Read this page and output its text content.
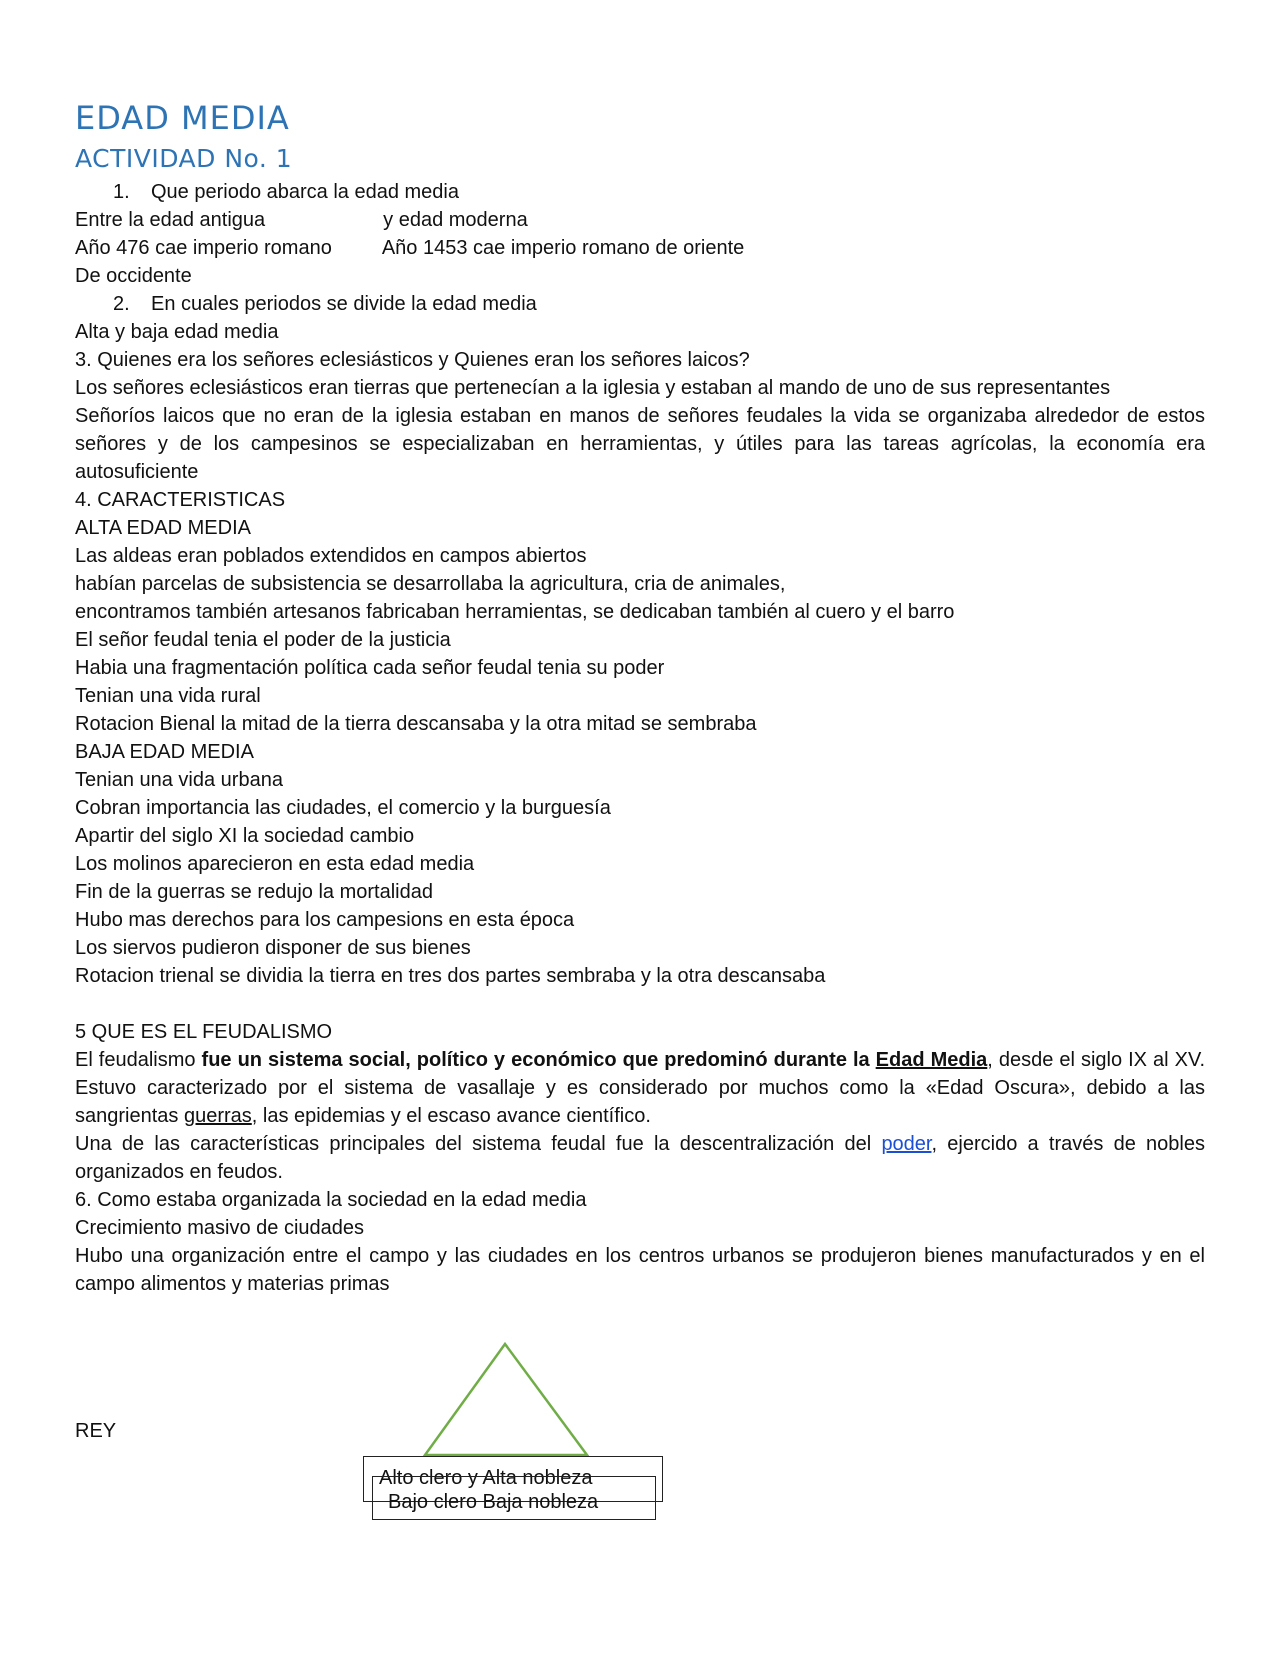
EDAD MEDIA
ACTIVIDAD No. 1

1. Que periodo abarca la edad media

Entre la edad antigua	y edad moderna

Año 476 cae imperio romano	Año 1453 cae imperio romano de oriente

De occidente

2. En cuales periodos se divide la edad media

Alta y baja edad media

3. Quienes era los señores eclesiásticos y Quienes eran los señores laicos?

Los señores eclesiásticos eran tierras que pertenecían a la iglesia y estaban al mando de uno de sus representantes

Señoríos laicos que no eran de la iglesia estaban en manos de señores feudales la vida se organizaba alrededor de estos señores y de los campesinos se especializaban en herramientas, y útiles para las tareas agrícolas, la economía era autosuficiente

4. CARACTERISTICAS

ALTA EDAD MEDIA

Las aldeas eran poblados extendidos en campos abiertos

habían parcelas de subsistencia se desarrollaba la agricultura, cria de animales,

encontramos también artesanos fabricaban herramientas, se dedicaban también al cuero y el barro

El señor feudal tenia el poder de la justicia

Habia una fragmentación política cada señor feudal tenia su poder

Tenian una vida rural

Rotacion Bienal la mitad de la tierra descansaba y la otra mitad se sembraba

BAJA EDAD MEDIA

Tenian una vida urbana

Cobran importancia las ciudades, el comercio y la burguesía

Apartir del siglo XI la sociedad cambio

Los molinos aparecieron en esta edad media

Fin de la guerras se redujo la mortalidad

Hubo mas derechos para los campesions en esta época

Los siervos pudieron disponer de sus bienes

Rotacion trienal se dividia la tierra en tres dos partes sembraba y la otra descansaba

5 QUE ES EL FEUDALISMO

El feudalismo fue un sistema social, político y económico que predominó durante la Edad Media, desde el siglo IX al XV. Estuvo caracterizado por el sistema de vasallaje y es considerado por muchos como la «Edad Oscura», debido a las sangrientas guerras, las epidemias y el escaso avance científico.

Una de las características principales del sistema feudal fue la descentralización del poder, ejercido a través de nobles organizados en feudos.

6. Como estaba organizada la sociedad en la edad media

Crecimiento masivo de ciudades

Hubo una organización entre el campo y las ciudades en los centros urbanos se produjeron bienes manufacturados y en el campo alimentos y materias primas

REY
Alto clero y Alta nobleza
Bajo clero Baja nobleza
